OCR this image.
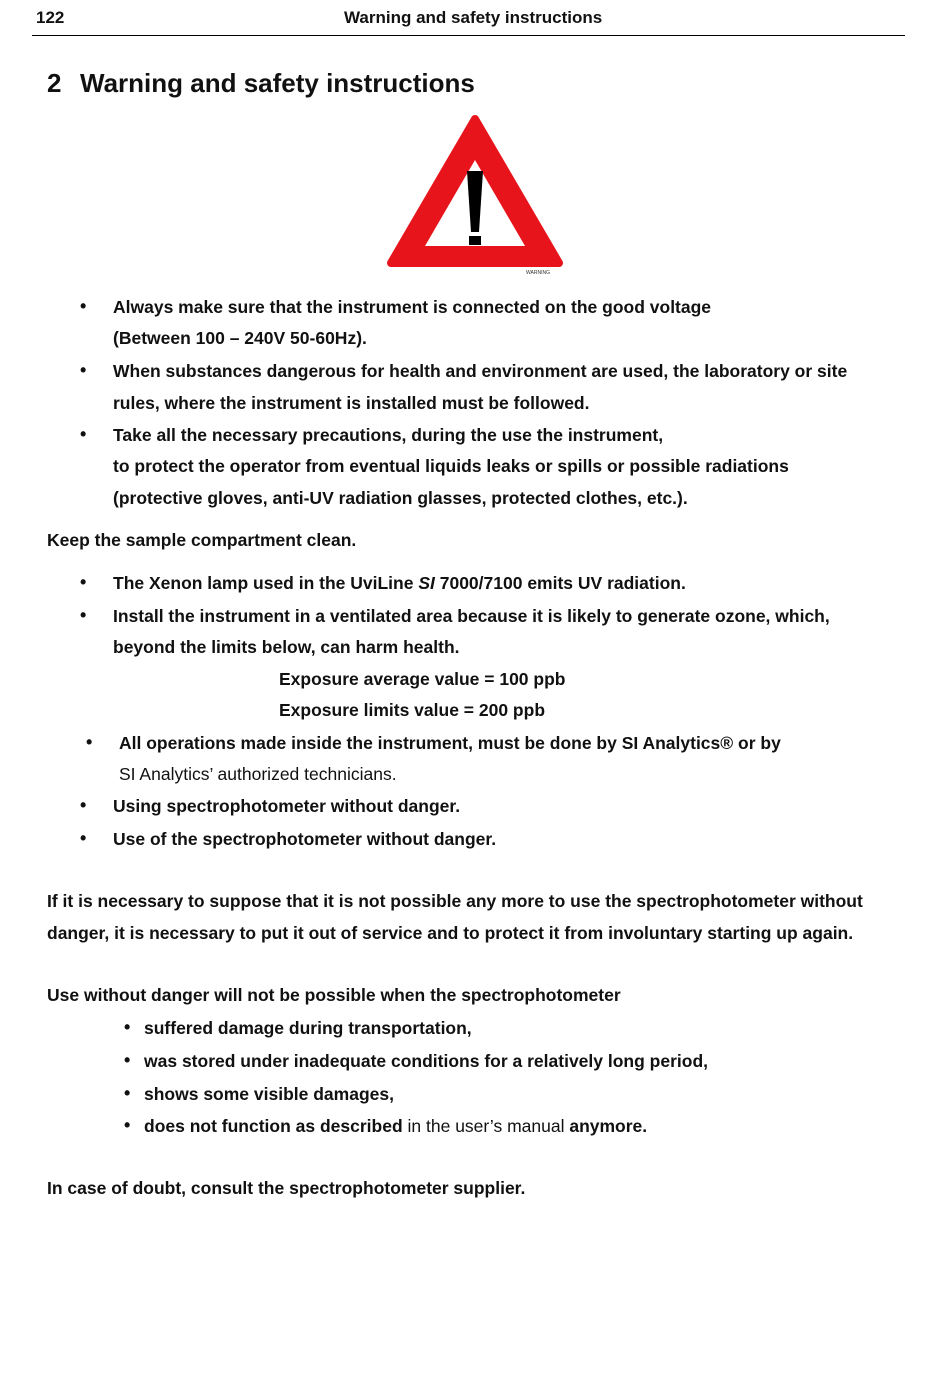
122	Warning and safety instructions
2 Warning and safety instructions
WARNING
• Always make sure that the instrument is connected on the good voltage
(Between 100 – 240V 50-60Hz).
• When substances dangerous for health and environment are used, the laboratory or site
rules, where the instrument is installed must be followed.
• Take all the necessary precautions, during the use the instrument,
to protect the operator from eventual liquids leaks or spills or possible radiations
(protective gloves, anti-UV radiation glasses, protected clothes, etc.).
Keep the sample compartment clean.
• The Xenon lamp used in the UviLine SI 7000/7100 emits UV radiation.
• Install the instrument in a ventilated area because it is likely to generate ozone, which,
beyond the limits below, can harm health.
Exposure average value = 100 ppb
Exposure limits value = 200 ppb
• All operations made inside the instrument, must be done by SI Analytics® or by
SI Analytics’ authorized technicians.
• Using spectrophotometer without danger.
• Use of the spectrophotometer without danger.
If it is necessary to suppose that it is not possible any more to use the spectrophotometer without
danger, it is necessary to put it out of service and to protect it from involuntary starting up again.
Use without danger will not be possible when the spectrophotometer
• suffered damage during transportation,
• was stored under inadequate conditions for a relatively long period,
• shows some visible damages,
• does not function as described in the user’s manual anymore.
In case of doubt, consult the spectrophotometer supplier.
